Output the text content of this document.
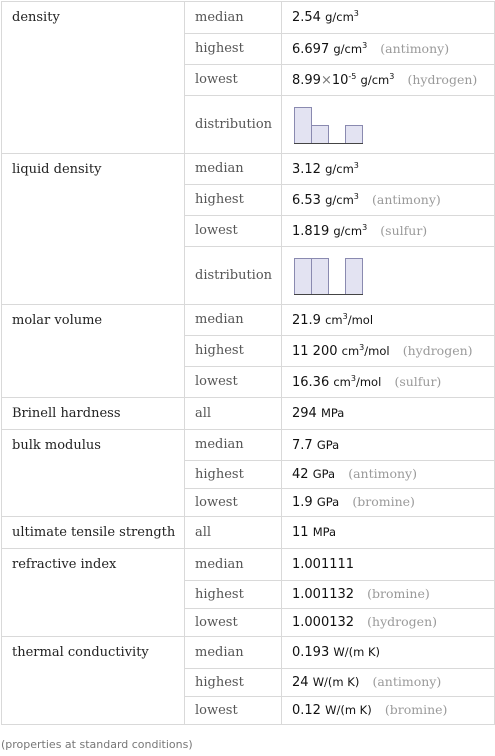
density	median	2.54 $g/cm^3$
	highest	6.697 $g/cm^3$ (antimony)
	lowest	$8.99\times 10^{-5}$ $g/cm^3$ (hydrogen)
	distribution	

liquid density	median	3.12 $g/cm^3$
	highest	6.53 $g/cm^3$ (antimony)
	lowest	1.819 $g/cm^3$ (sulfur)
	distribution	

molar volume	median	21.9 $cm^3$/mol
	highest	11 200 $cm^3$/mol (hydrogen)
	lowest	16.36 $cm^3$/mol (sulfur)
Brinell hardness	all	294 MPa
bulk modulus	median	7.7 GPa
	highest	42 GPa (antimony)
	lowest	1.9 GPa (bromine)
ultimate tensile strength	all	11 MPa
refractive index	median	1.001111
	highest	1.001132 (bromine)
	lowest	1.000132 (hydrogen)
thermal conductivity	median	0.193 W/(m K)
	highest	24 W/(m K) (antimony)
	lowest	0.12 W/(m K) (bromine)
(properties at standard conditions)
